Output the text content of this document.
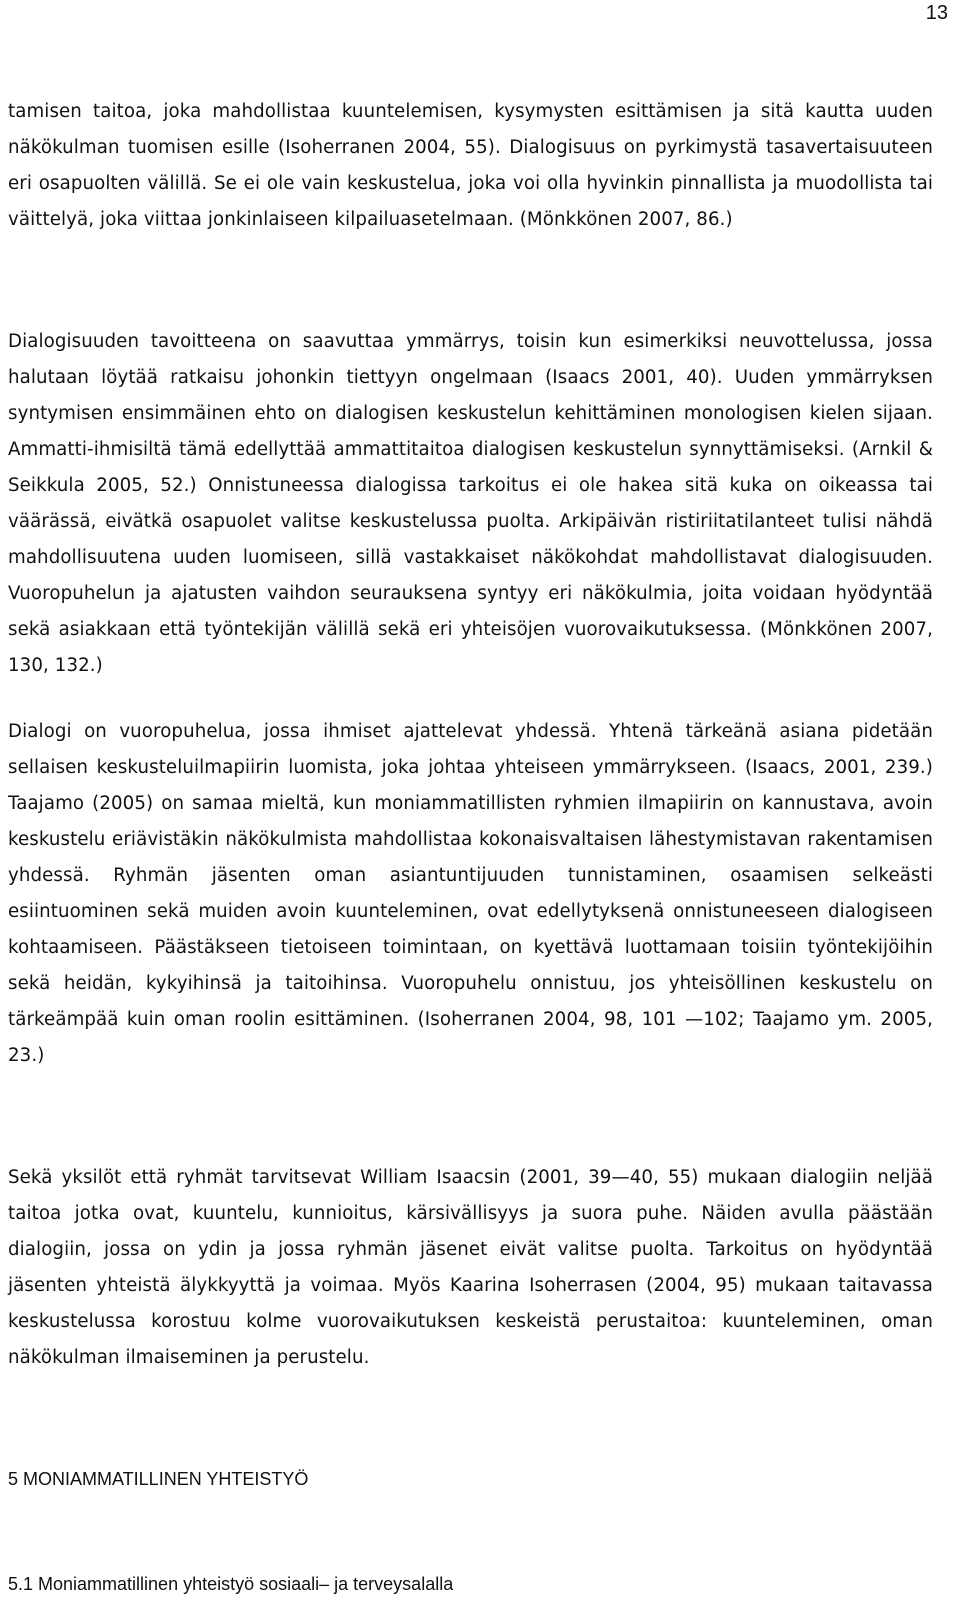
13

tamisen taitoa, joka mahdollistaa kuuntelemisen, kysymysten esittämisen ja sitä kautta uuden näkökulman tuomisen esille (Isoherranen 2004, 55). Dialogisuus on pyrkimystä tasavertaisuuteen eri osapuolten välillä. Se ei ole vain keskustelua, joka voi olla hyvinkin pinnallista ja muodollista tai väittelyä, joka viittaa jonkinlaiseen kilpailuasetelmaan. (Mönkkönen 2007, 86.)

Dialogisuuden tavoitteena on saavuttaa ymmärrys, toisin kun esimerkiksi neuvottelussa, jossa halutaan löytää ratkaisu johonkin tiettyyn ongelmaan (Isaacs 2001, 40). Uuden ymmärryksen syntymisen ensimmäinen ehto on dialogisen keskustelun kehittäminen monologisen kielen sijaan. Ammatti-ihmisiltä tämä edellyttää ammattitaitoa dialogisen keskustelun synnyttämiseksi. (Arnkil & Seikkula 2005, 52.) Onnistuneessa dialogissa tarkoitus ei ole hakea sitä kuka on oikeassa tai väärässä, eivätkä osapuolet valitse keskustelussa puolta. Arkipäivän ristiriitatilanteet tulisi nähdä mahdollisuutena uuden luomiseen, sillä vastakkaiset näkökohdat mahdollistavat dialogisuuden. Vuoropuhelun ja ajatusten vaihdon seurauksena syntyy eri näkökulmia, joita voidaan hyödyntää sekä asiakkaan että työntekijän välillä sekä eri yhteisöjen vuorovaikutuksessa. (Mönkkönen 2007, 130, 132.)

Dialogi on vuoropuhelua, jossa ihmiset ajattelevat yhdessä. Yhtenä tärkeänä asiana pidetään sellaisen keskusteluilmapiirin luomista, joka johtaa yhteiseen ymmärrykseen. (Isaacs, 2001, 239.) Taajamo (2005) on samaa mieltä, kun moniammatillisten ryhmien ilmapiirin on kannustava, avoin keskustelu eriävistäkin näkökulmista mahdollistaa kokonaisvaltaisen lähestymistavan rakentamisen yhdessä. Ryhmän jäsenten oman asiantuntijuuden tunnistaminen, osaamisen selkeästi esiintuominen sekä muiden avoin kuunteleminen, ovat edellytyksenä onnistuneeseen dialogiseen kohtaamiseen. Päästäkseen tietoiseen toimintaan, on kyettävä luottamaan toisiin työntekijöihin sekä heidän, kykyihinsä ja taitoihinsa. Vuoropuhelu onnistuu, jos yhteisöllinen keskustelu on tärkeämpää kuin oman roolin esittäminen. (Isoherranen 2004, 98, 101 —102; Taajamo ym. 2005, 23.)

Sekä yksilöt että ryhmät tarvitsevat William Isaacsin (2001, 39—40, 55) mukaan dialogiin neljää taitoa jotka ovat, kuuntelu, kunnioitus, kärsivällisyys ja suora puhe. Näiden avulla päästään dialogiin, jossa on ydin ja jossa ryhmän jäsenet eivät valitse puolta. Tarkoitus on hyödyntää jäsenten yhteistä älykkyyttä ja voimaa. Myös Kaarina Isoherrasen (2004, 95) mukaan taitavassa keskustelussa korostuu kolme vuorovaikutuksen keskeistä perustaitoa: kuunteleminen, oman näkökulman ilmaiseminen ja perustelu.

5 MONIAMMATILLINEN YHTEISTYÖ
5.1 Moniammatillinen yhteistyö sosiaali– ja terveysalalla
